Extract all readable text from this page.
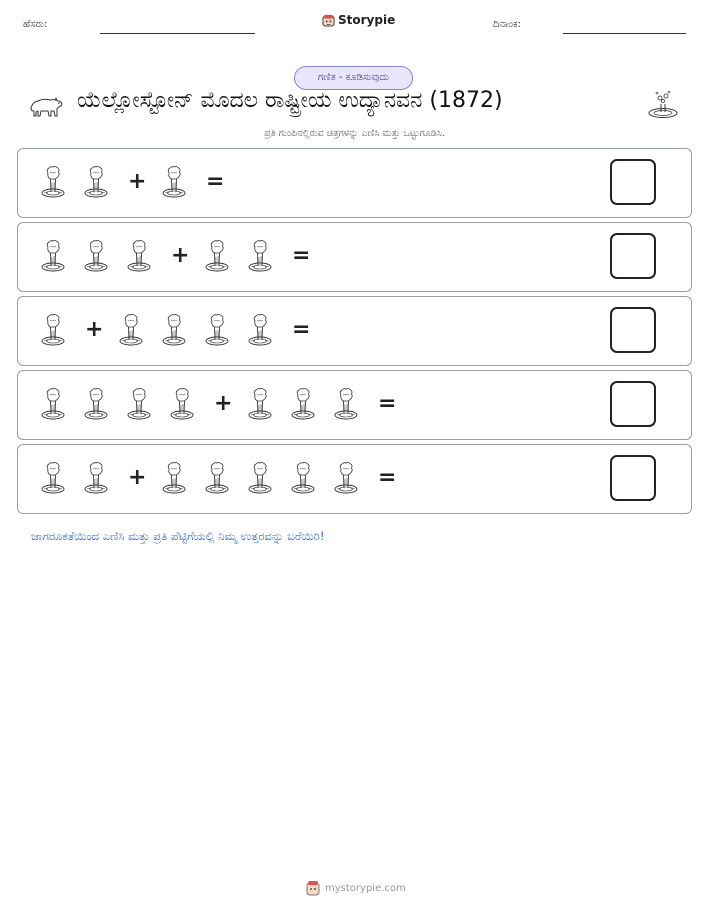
ಹೆಸರು:	Storypie	ದಿನಾಂಕ:
ಗಣಿತ - ಕೂಡಿಸುವುದು
ಯೆಲ್ಲೋಸ್ಟೋನ್ ಮೊದಲ ರಾಷ್ಟ್ರೀಯ ಉದ್ಯಾನವನ (1872)
ಪ್ರತಿ ಗುಂಪಿನಲ್ಲಿರುವ ಚಿತ್ರಗಳನ್ನು ಎಣಿಸಿ ಮತ್ತು ಒಟ್ಟುಗೂಡಿಸಿ.
+	=
+	=
+	=
+	=
+	=
ಜಾಗರೂಕತೆಯಿಂದ ಎಣಿಸಿ ಮತ್ತು ಪ್ರತಿ ಪೆಟ್ಟಿಗೆಯಲ್ಲಿ ನಿಮ್ಮ ಉತ್ತರವನ್ನು ಬರೆಯಿರಿ!
mystorypie.com
